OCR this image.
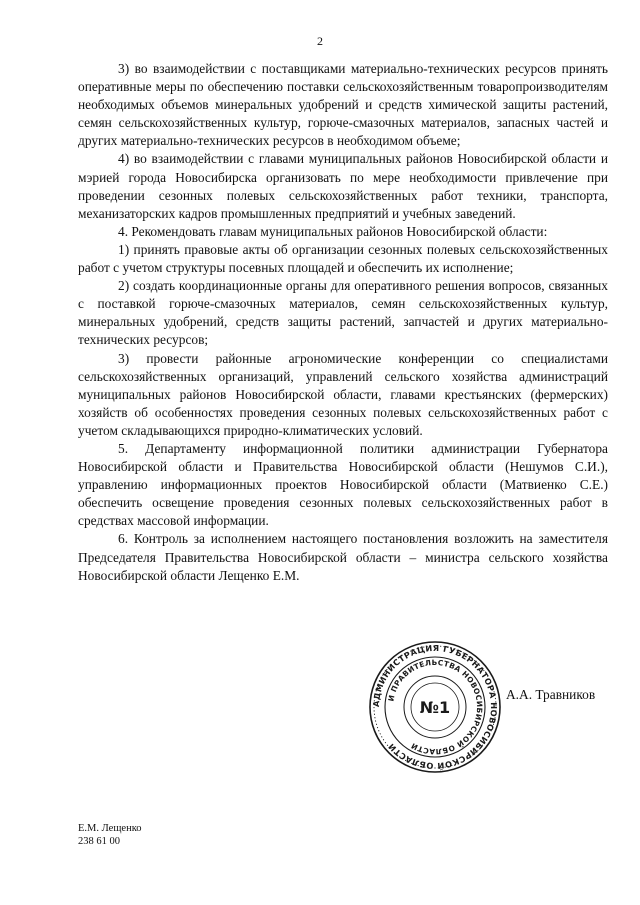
2

3) во взаимодействии с поставщиками материально-технических ресурсов принять оперативные меры по обеспечению поставки сельскохозяйственным товаропроизводителям необходимых объемов минеральных удобрений и средств химической защиты растений, семян сельскохозяйственных культур, горюче-смазочных материалов, запасных частей и других материально-технических ресурсов в необходимом объеме;

4) во взаимодействии с главами муниципальных районов Новосибирской области и мэрией города Новосибирска организовать по мере необходимости привлечение при проведении сезонных полевых сельскохозяйственных работ техники, транспорта, механизаторских кадров промышленных предприятий и учебных заведений.

4. Рекомендовать главам муниципальных районов Новосибирской области:

1) принять правовые акты об организации сезонных полевых сельскохозяйственных работ с учетом структуры посевных площадей и обеспечить их исполнение;

2) создать координационные органы для оперативного решения вопросов, связанных с поставкой горюче-смазочных материалов, семян сельскохозяйственных культур, минеральных удобрений, средств защиты растений, запчастей и других материально-технических ресурсов;

3) провести районные агрономические конференции со специалистами сельскохозяйственных организаций, управлений сельского хозяйства администраций муниципальных районов Новосибирской области, главами крестьянских (фермерских) хозяйств об особенностях проведения сезонных полевых сельскохозяйственных работ с учетом складывающихся природно-климатических условий.

5. Департаменту информационной политики администрации Губернатора Новосибирской области и Правительства Новосибирской области (Нешумов С.И.), управлению информационных проектов Новосибирской области (Матвиенко С.Е.) обеспечить освещение проведения сезонных полевых сельскохозяйственных работ в средствах массовой информации.

6. Контроль за исполнением настоящего постановления возложить на заместителя Председателя Правительства Новосибирской области – министра сельского хозяйства Новосибирской области Лещенко Е.М.

АДМИНИСТРАЦИЯ ГУБЕРНАТОРА НОВОСИБИРСКОЙ ОБЛАСТИ
И ПРАВИТЕЛЬСТВА НОВОСИБИРСКОЙ ОБЛАСТИ
№1
А.А. Травников
Е.М. Лещенко
238 61 00
